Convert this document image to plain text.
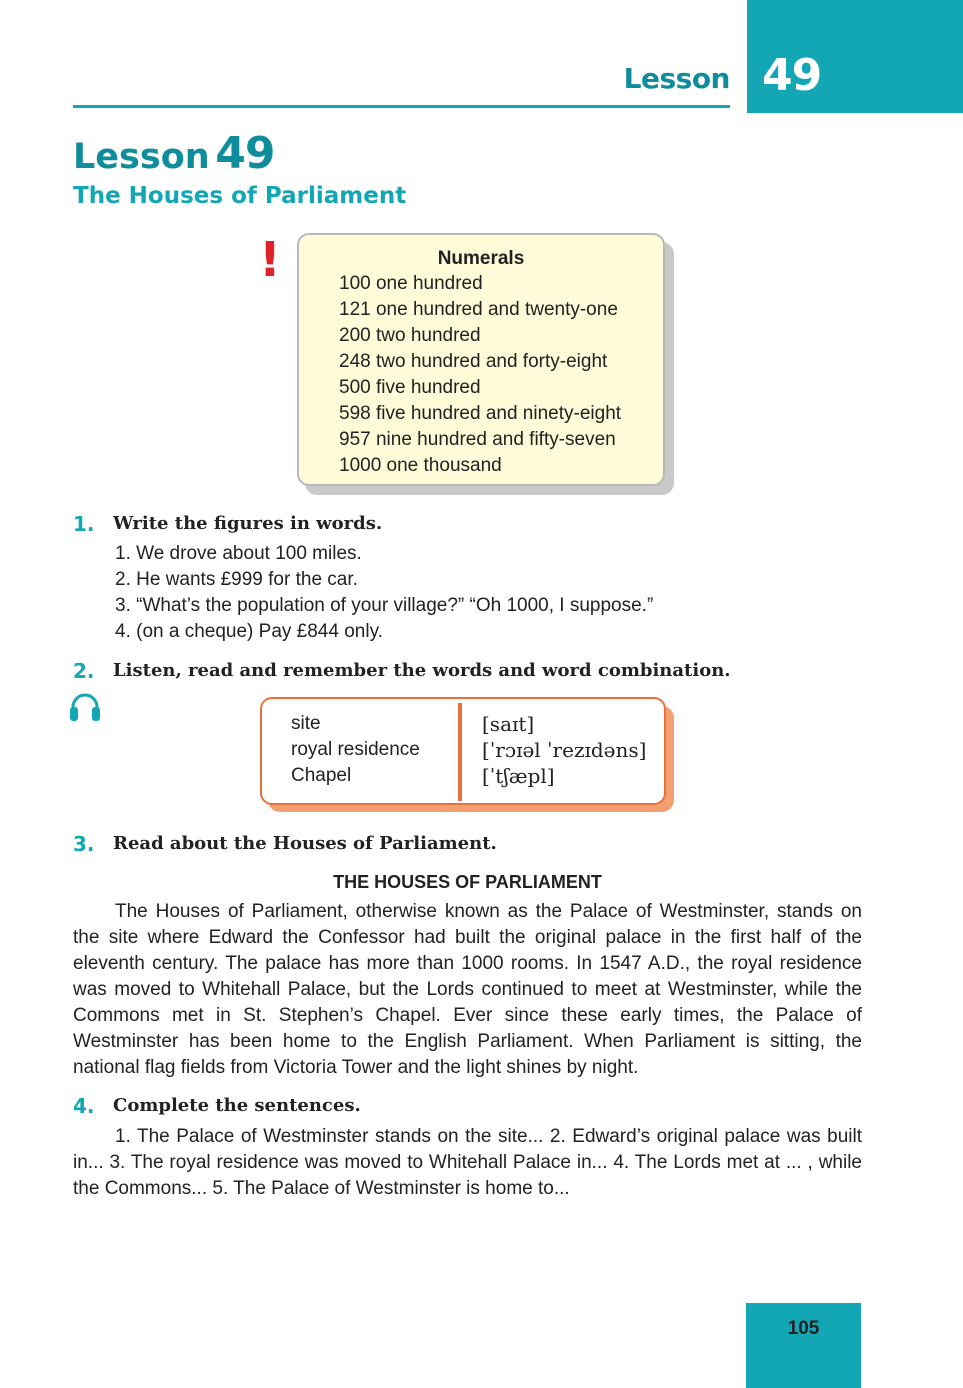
49
Lesson
Lesson 49
The Houses of Parliament
!	Numerals
100 one hundred
121 one hundred and twenty-one
200 two hundred
248 two hundred and forty-eight
500 five hundred
598 five hundred and ninety-eight
957 nine hundred and fifty-seven
1000 one thousand
1. Write the figures in words.
1. We drove about 100 miles.
2. He wants £999 for the car.
3. “What’s the population of your village?” “Oh 1000, I suppose.”
4. (on a cheque) Pay £844 only.
2. Listen, read and remember the words and word combination.
site
royal residence
Chapel
[saɪt]
[ˈrɔɪəl ˈrezɪdəns]
[ˈtʃæpl]
3. Read about the Houses of Parliament.
THE HOUSES OF PARLIAMENT

The Houses of Parliament, otherwise known as the Palace of Westminster, stands on the site where Edward the Confessor had built the original palace in the first half of the eleventh century. The palace has more than 1000 rooms. In 1547 A.D., the royal residence was moved to Whitehall Palace, but the Lords continued to meet at Westminster, while the Commons met in St. Stephen’s Chapel. Ever since these early times, the Palace of Westminster has been home to the English Parliament. When Parliament is sitting, the national flag fields from Victoria Tower and the light shines by night.

4. Complete the sentences.

1. The Palace of Westminster stands on the site... 2. Edward’s original palace was built in... 3. The royal residence was moved to Whitehall Palace in... 4. The Lords met at ... , while the Commons... 5. The Palace of Westminster is home to...

105
